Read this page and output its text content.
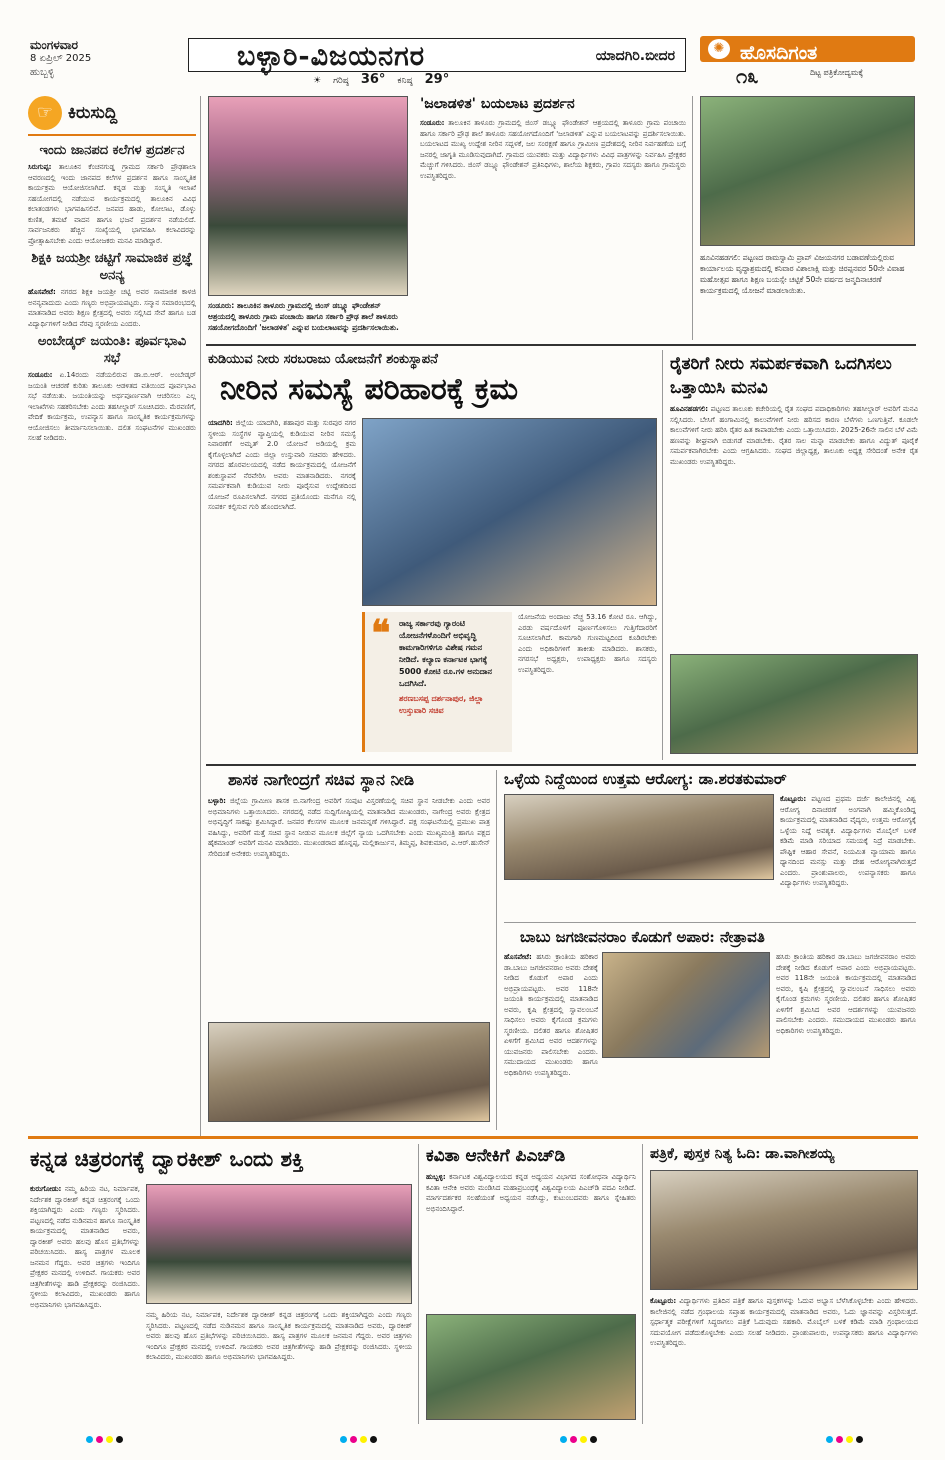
ಮಂಗಳವಾರ
8 ಏಪ್ರಿಲ್ 2025
ಹುಬ್ಬಳ್ಳಿ
ಬಳ್ಳಾರಿ-ವಿಜಯನಗರ	ಯಾದಗಿರಿ.ಬೀದರ
☀ ಗರಿಷ್ಠ 36° ಕನಿಷ್ಠ 29°
✺ ಹೊಸದಿಗಂತ
೧೩	ದಿಟ್ಟ ಪತ್ರಿಕೋದ್ಯಮಕ್ಕೆ
☞ ಕಿರುಸುದ್ದಿ
ಇಂದು ಜಾನಪದ ಕಲೆಗಳ ಪ್ರದರ್ಶನ
ಸಿರುಗುಪ್ಪ: ತಾಲೂಕಿನ ಕೆಂಚನಗುಡ್ಡ ಗ್ರಾಮದ ಸರ್ಕಾರಿ ಪ್ರೌಢಶಾಲಾ ಆವರಣದಲ್ಲಿ ಇಂದು ಜಾನಪದ ಕಲೆಗಳ ಪ್ರದರ್ಶನ ಹಾಗೂ ಸಾಂಸ್ಕೃತಿಕ ಕಾರ್ಯಕ್ರಮ ಆಯೋಜಿಸಲಾಗಿದೆ. ಕನ್ನಡ ಮತ್ತು ಸಂಸ್ಕೃತಿ ಇಲಾಖೆ ಸಹಯೋಗದಲ್ಲಿ ನಡೆಯುವ ಕಾರ್ಯಕ್ರಮದಲ್ಲಿ ತಾಲೂಕಿನ ವಿವಿಧ ಕಲಾತಂಡಗಳು ಭಾಗವಹಿಸಲಿವೆ. ಜನಪದ ಹಾಡು, ಕೋಲಾಟ, ಡೊಳ್ಳು ಕುಣಿತ, ತಮಟೆ ವಾದನ ಹಾಗೂ ಭಜನೆ ಪ್ರದರ್ಶನ ನಡೆಯಲಿದೆ. ಸಾರ್ವಜನಿಕರು ಹೆಚ್ಚಿನ ಸಂಖ್ಯೆಯಲ್ಲಿ ಭಾಗವಹಿಸಿ ಕಲಾವಿದರನ್ನು ಪ್ರೋತ್ಸಾಹಿಸಬೇಕು ಎಂದು ಆಯೋಜಕರು ಮನವಿ ಮಾಡಿದ್ದಾರೆ.
ಶಿಕ್ಷಕಿ ಜಯಶ್ರೀ ಚಟ್ಟಿಗೆ ಸಾಮಾಜಿಕ ಪ್ರಜ್ಞೆ ಅನನ್ಯ
ಹೊಸಪೇಟೆ: ನಗರದ ಶಿಕ್ಷಕಿ ಜಯಶ್ರೀ ಚಟ್ಟಿ ಅವರ ಸಾಮಾಜಿಕ ಕಾಳಜಿ ಅನನ್ಯವಾದುದು ಎಂದು ಗಣ್ಯರು ಅಭಿಪ್ರಾಯಪಟ್ಟರು. ಸನ್ಮಾನ ಸಮಾರಂಭದಲ್ಲಿ ಮಾತನಾಡಿದ ಅವರು ಶಿಕ್ಷಣ ಕ್ಷೇತ್ರದಲ್ಲಿ ಅವರು ಸಲ್ಲಿಸಿದ ಸೇವೆ ಹಾಗೂ ಬಡ ವಿದ್ಯಾರ್ಥಿಗಳಿಗೆ ನೀಡಿದ ನೆರವು ಸ್ಮರಣೀಯ ಎಂದರು.
ಅಂಬೇಡ್ಕರ್ ಜಯಂತಿ: ಪೂರ್ವಭಾವಿ ಸಭೆ
ಸಂಡೂರು: ಏ.14ರಂದು ನಡೆಯಲಿರುವ ಡಾ.ಬಿ.ಆರ್. ಅಂಬೇಡ್ಕರ್ ಜಯಂತಿ ಆಚರಣೆ ಕುರಿತು ತಾಲೂಕು ಆಡಳಿತದ ವತಿಯಿಂದ ಪೂರ್ವಭಾವಿ ಸಭೆ ನಡೆಯಿತು. ಜಯಂತಿಯನ್ನು ಅರ್ಥಪೂರ್ಣವಾಗಿ ಆಚರಿಸಲು ಎಲ್ಲ ಇಲಾಖೆಗಳು ಸಹಕರಿಸಬೇಕು ಎಂದು ತಹಸೀಲ್ದಾರ್ ಸೂಚಿಸಿದರು. ಮೆರವಣಿಗೆ, ವೇದಿಕೆ ಕಾರ್ಯಕ್ರಮ, ಉಪನ್ಯಾಸ ಹಾಗೂ ಸಾಂಸ್ಕೃತಿಕ ಕಾರ್ಯಕ್ರಮಗಳನ್ನು ಆಯೋಜಿಸಲು ತೀರ್ಮಾನಿಸಲಾಯಿತು. ದಲಿತ ಸಂಘಟನೆಗಳ ಮುಖಂಡರು ಸಲಹೆ ನೀಡಿದರು.
ಸಂಡೂರು: ತಾಲೂಕಿನ ತಾಳೂರು ಗ್ರಾಮದಲ್ಲಿ ಜಿಂಸ್ ಡಬ್ಲ್ಯೂ ಫೌಂಡೇಶನ್ ಆಶ್ರಯದಲ್ಲಿ ತಾಳೂರು ಗ್ರಾಮ ಪಂಚಾಯಿ ಹಾಗೂ ಸರ್ಕಾರಿ ಪ್ರೌಢ ಶಾಲೆ ತಾಳೂರು ಸಹಯೋಗದೊಂದಿಗೆ 'ಜಲಾಡಳಿತ' ಎನ್ನುವ ಬಯಲಾಟವನ್ನು ಪ್ರದರ್ಶಿಸಲಾಯಿತು.
'ಜಲಾಡಳಿತ' ಬಯಲಾಟ ಪ್ರದರ್ಶನ
ಸಂಡೂರು: ತಾಲೂಕಿನ ತಾಳೂರು ಗ್ರಾಮದಲ್ಲಿ ಜಿಂಸ್ ಡಬ್ಲ್ಯೂ ಫೌಂಡೇಶನ್ ಆಶ್ರಯದಲ್ಲಿ ತಾಳೂರು ಗ್ರಾಮ ಪಂಚಾಯಿ ಹಾಗೂ ಸರ್ಕಾರಿ ಪ್ರೌಢ ಶಾಲೆ ತಾಳೂರು ಸಹಯೋಗದೊಂದಿಗೆ 'ಜಲಾಡಳಿತ' ಎನ್ನುವ ಬಯಲಾಟವನ್ನು ಪ್ರದರ್ಶಿಸಲಾಯಿತು. ಬಯಲಾಟದ ಮುಖ್ಯ ಉದ್ದೇಶ ನೀರಿನ ಸದ್ಬಳಕೆ, ಜಲ ಸಂರಕ್ಷಣೆ ಹಾಗೂ ಗ್ರಾಮೀಣ ಪ್ರದೇಶದಲ್ಲಿ ನೀರಿನ ನಿರ್ವಹಣೆಯ ಬಗ್ಗೆ ಜನರಲ್ಲಿ ಜಾಗೃತಿ ಮೂಡಿಸುವುದಾಗಿದೆ. ಗ್ರಾಮದ ಯುವಕರು ಮತ್ತು ವಿದ್ಯಾರ್ಥಿಗಳು ವಿವಿಧ ಪಾತ್ರಗಳನ್ನು ನಿರ್ವಹಿಸಿ ಪ್ರೇಕ್ಷಕರ ಮೆಚ್ಚುಗೆ ಗಳಿಸಿದರು. ಜಿಂಸ್ ಡಬ್ಲ್ಯೂ ಫೌಂಡೇಶನ್ ಪ್ರತಿನಿಧಿಗಳು, ಶಾಲೆಯ ಶಿಕ್ಷಕರು, ಗ್ರಾಪಂ ಸದಸ್ಯರು ಹಾಗೂ ಗ್ರಾಮಸ್ಥರು ಉಪಸ್ಥಿತರಿದ್ದರು.
ಹೂವಿನಹಡಗಲಿ: ಪಟ್ಟಣದ ರಾಮಸ್ವಾಮಿ ಪ್ರಾಪ್ ವಿಜಯನಗರ ಬಡಾವಣೆಯಲ್ಲಿರುವ ಕಾರ್ಯಾಲಯ ವೃದ್ಧಾಶ್ರಮದಲ್ಲಿ ಕನಿವಾರ ವಿಶಾಲಾಕ್ಷಿ ಮತ್ತು ಚಿರಪ್ಪನವರ 50ನೇ ವಿವಾಹ ಮಹೋತ್ಸವ ಹಾಗೂ ಶಿಕ್ಷಣ ಬಯಸ್ಸೇ ಚಟ್ಟಿಕೆ 50ನೇ ವರ್ಷದ ಜನ್ಮದಿನಾಚರಣೆ ಕಾರ್ಯಕ್ರಮದಲ್ಲಿ ಯೋಜನೆ ಮಾಡಲಾಯಿತು.
ಕುಡಿಯುವ ನೀರು ಸರಬರಾಜು ಯೋಜನೆಗೆ ಶಂಕುಸ್ಥಾಪನೆ
ನೀರಿನ ಸಮಸ್ಯೆ ಪರಿಹಾರಕ್ಕೆ ಕ್ರಮ
ಯಾದಗಿರಿ: ಜಿಲ್ಲೆಯ ಯಾದಗಿರಿ, ಶಹಾಪುರ ಮತ್ತು ಸುರಪುರ ನಗರ ಸ್ಥಳೀಯ ಸಂಸ್ಥೆಗಳ ವ್ಯಾಪ್ತಿಯಲ್ಲಿ ಕುಡಿಯುವ ನೀರಿನ ಸಮಸ್ಯೆ ನಿವಾರಣೆಗೆ ಅಮೃತ್ 2.0 ಯೋಜನೆ ಅಡಿಯಲ್ಲಿ ಕ್ರಮ ಕೈಗೊಳ್ಳಲಾಗಿದೆ ಎಂದು ಜಿಲ್ಲಾ ಉಸ್ತುವಾರಿ ಸಚಿವರು ಹೇಳಿದರು. ನಗರದ ಹೊರವಲಯದಲ್ಲಿ ನಡೆದ ಕಾರ್ಯಕ್ರಮದಲ್ಲಿ ಯೋಜನೆಗೆ ಶಂಕುಸ್ಥಾಪನೆ ನೆರವೇರಿಸಿ ಅವರು ಮಾತನಾಡಿದರು. ನಗರಕ್ಕೆ ಸಮರ್ಪಕವಾಗಿ ಕುಡಿಯುವ ನೀರು ಪೂರೈಸುವ ಉದ್ದೇಶದಿಂದ ಯೋಜನೆ ರೂಪಿಸಲಾಗಿದೆ. ನಗರದ ಪ್ರತಿಯೊಂದು ಮನೆಗೂ ನಲ್ಲಿ ಸಂಪರ್ಕ ಕಲ್ಪಿಸುವ ಗುರಿ ಹೊಂದಲಾಗಿದೆ.
❝ ರಾಜ್ಯ ಸರ್ಕಾರವು ಗ್ಯಾರಂಟಿ ಯೋಜನೆಗಳೊಂದಿಗೆ ಅಭಿವೃದ್ಧಿ ಕಾಮಗಾರಿಗಳಿಗೂ ವಿಶೇಷ ಗಮನ ನೀಡಿದೆ. ಕಲ್ಯಾಣ ಕರ್ನಾಟಕ ಭಾಗಕ್ಕೆ 5000 ಕೋಟಿ ರೂ.ಗಳ ಅನುದಾನ ಒದಗಿಸಿದೆ.
ಶರಣಬಸಪ್ಪ ದರ್ಶನಾಪುರ, ಜಿಲ್ಲಾ ಉಸ್ತುವಾರಿ ಸಚಿವ
ಯೋಜನೆಯ ಅಂದಾಜು ವೆಚ್ಚ 53.16 ಕೋಟಿ ರೂ. ಆಗಿದ್ದು, ಎರಡು ವರ್ಷದೊಳಗೆ ಪೂರ್ಣಗೊಳಿಸಲು ಗುತ್ತಿಗೆದಾರರಿಗೆ ಸೂಚಿಸಲಾಗಿದೆ. ಕಾಮಗಾರಿ ಗುಣಮಟ್ಟದಿಂದ ಕೂಡಿರಬೇಕು ಎಂದು ಅಧಿಕಾರಿಗಳಿಗೆ ತಾಕೀತು ಮಾಡಿದರು. ಶಾಸಕರು, ನಗರಸಭೆ ಅಧ್ಯಕ್ಷರು, ಉಪಾಧ್ಯಕ್ಷರು ಹಾಗೂ ಸದಸ್ಯರು ಉಪಸ್ಥಿತರಿದ್ದರು.
ರೈತರಿಗೆ ನೀರು ಸಮರ್ಪಕವಾಗಿ ಒದಗಿಸಲು ಒತ್ತಾಯಿಸಿ ಮನವಿ
ಹೂವಿನಹಡಗಲಿ: ಪಟ್ಟಣದ ತಾಲೂಕು ಕಚೇರಿಯಲ್ಲಿ ರೈತ ಸಂಘದ ಪದಾಧಿಕಾರಿಗಳು ತಹಸೀಲ್ದಾರ್ ಅವರಿಗೆ ಮನವಿ ಸಲ್ಲಿಸಿದರು. ಬೇಸಿಗೆ ಹಂಗಾಮಿನಲ್ಲಿ ಕಾಲುವೆಗಳಿಗೆ ನೀರು ಹರಿಸದ ಕಾರಣ ಬೆಳೆಗಳು ಒಣಗುತ್ತಿವೆ. ಕೂಡಲೇ ಕಾಲುವೆಗಳಿಗೆ ನೀರು ಹರಿಸಿ ರೈತರ ಹಿತ ಕಾಪಾಡಬೇಕು ಎಂದು ಒತ್ತಾಯಿಸಿದರು. 2025-26ನೇ ಸಾಲಿನ ಬೆಳೆ ವಿಮೆ ಹಣವನ್ನು ಶೀಘ್ರವಾಗಿ ಬಿಡುಗಡೆ ಮಾಡಬೇಕು. ರೈತರ ಸಾಲ ಮನ್ನಾ ಮಾಡಬೇಕು ಹಾಗೂ ವಿದ್ಯುತ್ ಪೂರೈಕೆ ಸಮರ್ಪಕವಾಗಿರಬೇಕು ಎಂದು ಆಗ್ರಹಿಸಿದರು. ಸಂಘದ ಜಿಲ್ಲಾಧ್ಯಕ್ಷ, ತಾಲೂಕು ಅಧ್ಯಕ್ಷ ಸೇರಿದಂತೆ ಅನೇಕ ರೈತ ಮುಖಂಡರು ಉಪಸ್ಥಿತರಿದ್ದರು.
ಶಾಸಕ ನಾಗೇಂದ್ರಗೆ ಸಚಿವ ಸ್ಥಾನ ನೀಡಿ
ಬಳ್ಳಾರಿ: ಜಿಲ್ಲೆಯ ಗ್ರಾಮೀಣ ಶಾಸಕ ಬಿ.ನಾಗೇಂದ್ರ ಅವರಿಗೆ ಸಂಪುಟ ವಿಸ್ತರಣೆಯಲ್ಲಿ ಸಚಿವ ಸ್ಥಾನ ನೀಡಬೇಕು ಎಂದು ಅವರ ಅಭಿಮಾನಿಗಳು ಒತ್ತಾಯಿಸಿದರು. ನಗರದಲ್ಲಿ ನಡೆದ ಸುದ್ದಿಗೋಷ್ಠಿಯಲ್ಲಿ ಮಾತನಾಡಿದ ಮುಖಂಡರು, ನಾಗೇಂದ್ರ ಅವರು ಕ್ಷೇತ್ರದ ಅಭಿವೃದ್ಧಿಗೆ ಸಾಕಷ್ಟು ಶ್ರಮಿಸಿದ್ದಾರೆ. ಜನಪರ ಕೆಲಸಗಳ ಮೂಲಕ ಜನಮನ್ನಣೆ ಗಳಿಸಿದ್ದಾರೆ. ಪಕ್ಷ ಸಂಘಟನೆಯಲ್ಲಿ ಪ್ರಮುಖ ಪಾತ್ರ ವಹಿಸಿದ್ದು, ಅವರಿಗೆ ಮತ್ತೆ ಸಚಿವ ಸ್ಥಾನ ನೀಡುವ ಮೂಲಕ ಜಿಲ್ಲೆಗೆ ನ್ಯಾಯ ಒದಗಿಸಬೇಕು ಎಂದು ಮುಖ್ಯಮಂತ್ರಿ ಹಾಗೂ ಪಕ್ಷದ ಹೈಕಮಾಂಡ್ ಅವರಿಗೆ ಮನವಿ ಮಾಡಿದರು. ಮುಖಂಡರಾದ ಹೊನ್ನಪ್ಪ, ಮಲ್ಲಿಕಾರ್ಜುನ, ತಿಮ್ಮಪ್ಪ, ಶಿವಕುಮಾರ, ಎ.ಆರ್.ಹುಸೇನ್ ಸೇರಿದಂತೆ ಅನೇಕರು ಉಪಸ್ಥಿತರಿದ್ದರು.
ಒಳ್ಳೆಯ ನಿದ್ದೆಯಿಂದ ಉತ್ತಮ ಆರೋಗ್ಯ: ಡಾ.ಶರತಕುಮಾರ್
ಕೊಟ್ಟೂರು: ಪಟ್ಟಣದ ಪ್ರಥಮ ದರ್ಜೆ ಕಾಲೇಜಿನಲ್ಲಿ ವಿಶ್ವ ಆರೋಗ್ಯ ದಿನಾಚರಣೆ ಅಂಗವಾಗಿ ಹಮ್ಮಿಕೊಂಡಿದ್ದ ಕಾರ್ಯಕ್ರಮದಲ್ಲಿ ಮಾತನಾಡಿದ ವೈದ್ಯರು, ಉತ್ತಮ ಆರೋಗ್ಯಕ್ಕೆ ಒಳ್ಳೆಯ ನಿದ್ದೆ ಅವಶ್ಯಕ. ವಿದ್ಯಾರ್ಥಿಗಳು ಮೊಬೈಲ್ ಬಳಕೆ ಕಡಿಮೆ ಮಾಡಿ ಸರಿಯಾದ ಸಮಯಕ್ಕೆ ನಿದ್ರೆ ಮಾಡಬೇಕು. ಪೌಷ್ಟಿಕ ಆಹಾರ ಸೇವನೆ, ನಿಯಮಿತ ವ್ಯಾಯಾಮ ಹಾಗೂ ಧ್ಯಾನದಿಂದ ಮನಸ್ಸು ಮತ್ತು ದೇಹ ಆರೋಗ್ಯವಾಗಿರುತ್ತದೆ ಎಂದರು. ಪ್ರಾಂಶುಪಾಲರು, ಉಪನ್ಯಾಸಕರು ಹಾಗೂ ವಿದ್ಯಾರ್ಥಿಗಳು ಉಪಸ್ಥಿತರಿದ್ದರು.
ಬಾಬು ಜಗಜೀವನರಾಂ ಕೊಡುಗೆ ಅಪಾರ: ನೇತ್ರಾವತಿ
ಹೊಸಪೇಟೆ: ಹಸಿರು ಕ್ರಾಂತಿಯ ಹರಿಕಾರ ಡಾ.ಬಾಬು ಜಗಜೀವನರಾಂ ಅವರು ದೇಶಕ್ಕೆ ನೀಡಿದ ಕೊಡುಗೆ ಅಪಾರ ಎಂದು ಅಭಿಪ್ರಾಯಪಟ್ಟರು. ಅವರ 118ನೇ ಜಯಂತಿ ಕಾರ್ಯಕ್ರಮದಲ್ಲಿ ಮಾತನಾಡಿದ ಅವರು, ಕೃಷಿ ಕ್ಷೇತ್ರದಲ್ಲಿ ಸ್ವಾವಲಂಬನೆ ಸಾಧಿಸಲು ಅವರು ಕೈಗೊಂಡ ಕ್ರಮಗಳು ಸ್ಮರಣೀಯ. ದಲಿತರ ಹಾಗೂ ಶೋಷಿತರ ಏಳಿಗೆಗೆ ಶ್ರಮಿಸಿದ ಅವರ ಆದರ್ಶಗಳನ್ನು ಯುವಜನರು ಪಾಲಿಸಬೇಕು ಎಂದರು. ಸಮುದಾಯದ ಮುಖಂಡರು ಹಾಗೂ ಅಧಿಕಾರಿಗಳು ಉಪಸ್ಥಿತರಿದ್ದರು.
ಹಸಿರು ಕ್ರಾಂತಿಯ ಹರಿಕಾರ ಡಾ.ಬಾಬು ಜಗಜೀವನರಾಂ ಅವರು ದೇಶಕ್ಕೆ ನೀಡಿದ ಕೊಡುಗೆ ಅಪಾರ ಎಂದು ಅಭಿಪ್ರಾಯಪಟ್ಟರು. ಅವರ 118ನೇ ಜಯಂತಿ ಕಾರ್ಯಕ್ರಮದಲ್ಲಿ ಮಾತನಾಡಿದ ಅವರು, ಕೃಷಿ ಕ್ಷೇತ್ರದಲ್ಲಿ ಸ್ವಾವಲಂಬನೆ ಸಾಧಿಸಲು ಅವರು ಕೈಗೊಂಡ ಕ್ರಮಗಳು ಸ್ಮರಣೀಯ. ದಲಿತರ ಹಾಗೂ ಶೋಷಿತರ ಏಳಿಗೆಗೆ ಶ್ರಮಿಸಿದ ಅವರ ಆದರ್ಶಗಳನ್ನು ಯುವಜನರು ಪಾಲಿಸಬೇಕು ಎಂದರು. ಸಮುದಾಯದ ಮುಖಂಡರು ಹಾಗೂ ಅಧಿಕಾರಿಗಳು ಉಪಸ್ಥಿತರಿದ್ದರು.
ಕನ್ನಡ ಚಿತ್ರರಂಗಕ್ಕೆ ದ್ವಾರಕೀಶ್ ಒಂದು ಶಕ್ತಿ
ಕುರುಗೋಡು: ನಮ್ಮ ಹಿರಿಯ ನಟ, ನಿರ್ಮಾಪಕ, ನಿರ್ದೇಶಕ ದ್ವಾರಕೀಶ್ ಕನ್ನಡ ಚಿತ್ರರಂಗಕ್ಕೆ ಒಂದು ಶಕ್ತಿಯಾಗಿದ್ದರು ಎಂದು ಗಣ್ಯರು ಸ್ಮರಿಸಿದರು. ಪಟ್ಟಣದಲ್ಲಿ ನಡೆದ ನುಡಿನಮನ ಹಾಗೂ ಸಾಂಸ್ಕೃತಿಕ ಕಾರ್ಯಕ್ರಮದಲ್ಲಿ ಮಾತನಾಡಿದ ಅವರು, ದ್ವಾರಕೀಶ್ ಅವರು ಹಲವು ಹೊಸ ಪ್ರತಿಭೆಗಳನ್ನು ಪರಿಚಯಿಸಿದರು. ಹಾಸ್ಯ ಪಾತ್ರಗಳ ಮೂಲಕ ಜನಮನ ಗೆದ್ದರು. ಅವರ ಚಿತ್ರಗಳು ಇಂದಿಗೂ ಪ್ರೇಕ್ಷಕರ ಮನದಲ್ಲಿ ಉಳಿದಿವೆ. ಗಾಯಕರು ಅವರ ಚಿತ್ರಗೀತೆಗಳನ್ನು ಹಾಡಿ ಪ್ರೇಕ್ಷಕರನ್ನು ರಂಜಿಸಿದರು. ಸ್ಥಳೀಯ ಕಲಾವಿದರು, ಮುಖಂಡರು ಹಾಗೂ ಅಭಿಮಾನಿಗಳು ಭಾಗವಹಿಸಿದ್ದರು.
ನಮ್ಮ ಹಿರಿಯ ನಟ, ನಿರ್ಮಾಪಕ, ನಿರ್ದೇಶಕ ದ್ವಾರಕೀಶ್ ಕನ್ನಡ ಚಿತ್ರರಂಗಕ್ಕೆ ಒಂದು ಶಕ್ತಿಯಾಗಿದ್ದರು ಎಂದು ಗಣ್ಯರು ಸ್ಮರಿಸಿದರು. ಪಟ್ಟಣದಲ್ಲಿ ನಡೆದ ನುಡಿನಮನ ಹಾಗೂ ಸಾಂಸ್ಕೃತಿಕ ಕಾರ್ಯಕ್ರಮದಲ್ಲಿ ಮಾತನಾಡಿದ ಅವರು, ದ್ವಾರಕೀಶ್ ಅವರು ಹಲವು ಹೊಸ ಪ್ರತಿಭೆಗಳನ್ನು ಪರಿಚಯಿಸಿದರು. ಹಾಸ್ಯ ಪಾತ್ರಗಳ ಮೂಲಕ ಜನಮನ ಗೆದ್ದರು. ಅವರ ಚಿತ್ರಗಳು ಇಂದಿಗೂ ಪ್ರೇಕ್ಷಕರ ಮನದಲ್ಲಿ ಉಳಿದಿವೆ. ಗಾಯಕರು ಅವರ ಚಿತ್ರಗೀತೆಗಳನ್ನು ಹಾಡಿ ಪ್ರೇಕ್ಷಕರನ್ನು ರಂಜಿಸಿದರು. ಸ್ಥಳೀಯ ಕಲಾವಿದರು, ಮುಖಂಡರು ಹಾಗೂ ಅಭಿಮಾನಿಗಳು ಭಾಗವಹಿಸಿದ್ದರು.
ಕವಿತಾ ಆನೇಕಿಗೆ ಪಿಎಚ್‌ಡಿ
ಹುಬ್ಬಳ್ಳಿ: ಕರ್ನಾಟಕ ವಿಶ್ವವಿದ್ಯಾಲಯದ ಕನ್ನಡ ಅಧ್ಯಯನ ವಿಭಾಗದ ಸಂಶೋಧನಾ ವಿದ್ಯಾರ್ಥಿನಿ ಕವಿತಾ ಆನೇಕಿ ಅವರು ಮಂಡಿಸಿದ ಮಹಾಪ್ರಬಂಧಕ್ಕೆ ವಿಶ್ವವಿದ್ಯಾಲಯ ಪಿಎಚ್‌ಡಿ ಪದವಿ ನೀಡಿದೆ. ಮಾರ್ಗದರ್ಶಕರ ಸಲಹೆಯಂತೆ ಅಧ್ಯಯನ ನಡೆಸಿದ್ದು, ಕುಟುಂಬದವರು ಹಾಗೂ ಸ್ನೇಹಿತರು ಅಭಿನಂದಿಸಿದ್ದಾರೆ.
ಪತ್ರಿಕೆ, ಪುಸ್ತಕ ನಿತ್ಯ ಓದಿ: ಡಾ.ವಾಗೀಶಯ್ಯ
ಕೊಟ್ಟೂರು: ವಿದ್ಯಾರ್ಥಿಗಳು ಪ್ರತಿದಿನ ಪತ್ರಿಕೆ ಹಾಗೂ ಪುಸ್ತಕಗಳನ್ನು ಓದುವ ಅಭ್ಯಾಸ ಬೆಳೆಸಿಕೊಳ್ಳಬೇಕು ಎಂದು ಹೇಳಿದರು. ಕಾಲೇಜಿನಲ್ಲಿ ನಡೆದ ಗ್ರಂಥಾಲಯ ಸಪ್ತಾಹ ಕಾರ್ಯಕ್ರಮದಲ್ಲಿ ಮಾತನಾಡಿದ ಅವರು, ಓದು ಜ್ಞಾನವನ್ನು ವಿಸ್ತರಿಸುತ್ತದೆ. ಸ್ಪರ್ಧಾತ್ಮಕ ಪರೀಕ್ಷೆಗಳಿಗೆ ಸಿದ್ಧರಾಗಲು ಪತ್ರಿಕೆ ಓದುವುದು ಸಹಕಾರಿ. ಮೊಬೈಲ್ ಬಳಕೆ ಕಡಿಮೆ ಮಾಡಿ ಗ್ರಂಥಾಲಯದ ಸದುಪಯೋಗ ಪಡೆದುಕೊಳ್ಳಬೇಕು ಎಂದು ಸಲಹೆ ನೀಡಿದರು. ಪ್ರಾಂಶುಪಾಲರು, ಉಪನ್ಯಾಸಕರು ಹಾಗೂ ವಿದ್ಯಾರ್ಥಿಗಳು ಉಪಸ್ಥಿತರಿದ್ದರು.
